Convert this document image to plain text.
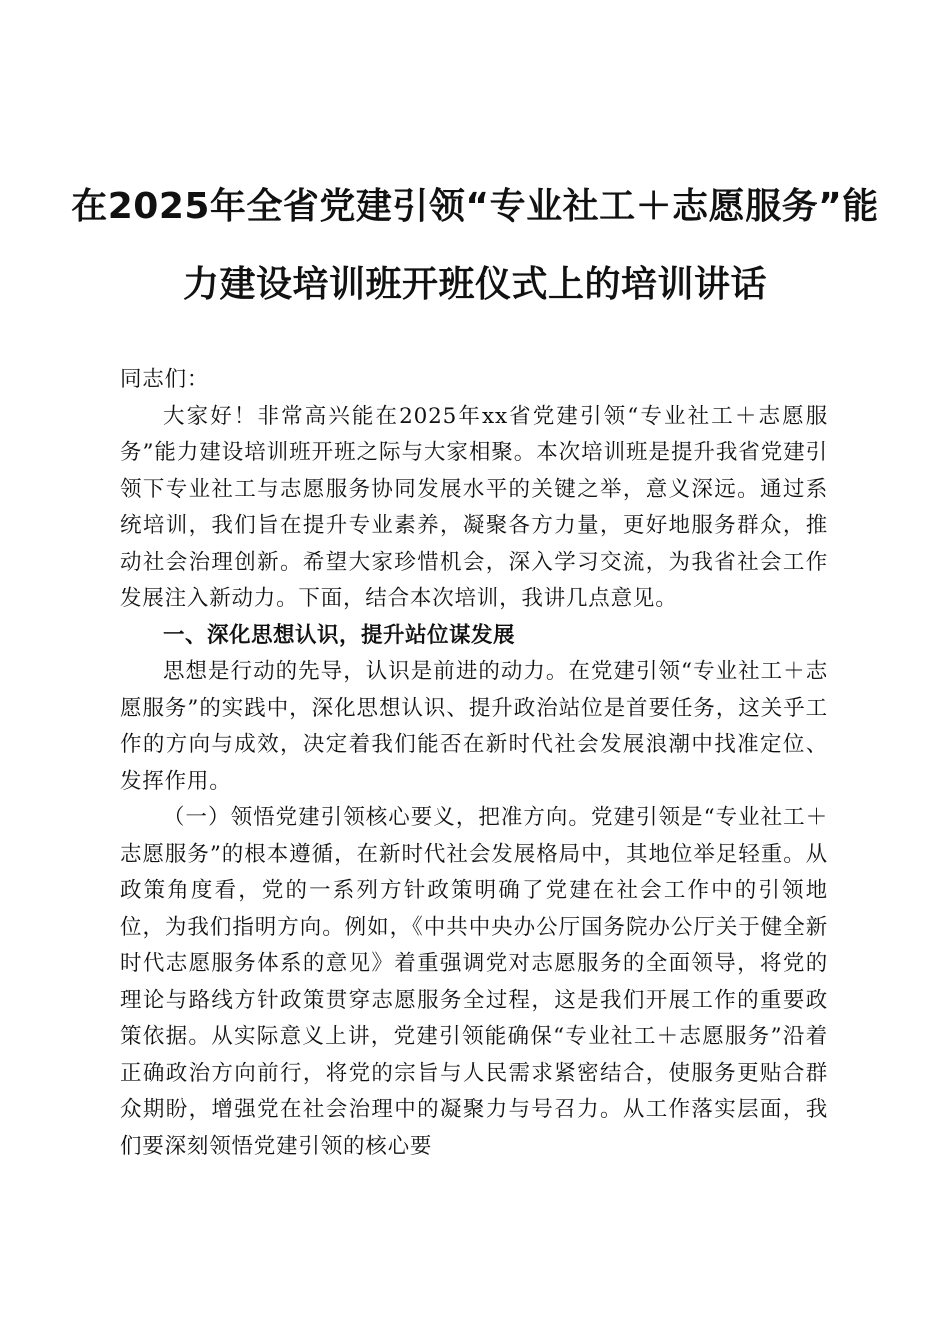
在2025年全省党建引领“专业社工＋志愿服务”能力建设培训班开班仪式上的培训讲话

同志们：

大家好！非常高兴能在2025年xx省党建引领“专业社工＋志愿服务”能力建设培训班开班之际与大家相聚。本次培训班是提升我省党建引领下专业社工与志愿服务协同发展水平的关键之举，意义深远。通过系统培训，我们旨在提升专业素养，凝聚各方力量，更好地服务群众，推动社会治理创新。希望大家珍惜机会，深入学习交流，为我省社会工作发展注入新动力。下面，结合本次培训，我讲几点意见。

一、深化思想认识，提升站位谋发展

思想是行动的先导，认识是前进的动力。在党建引领“专业社工＋志愿服务”的实践中，深化思想认识、提升政治站位是首要任务，这关乎工作的方向与成效，决定着我们能否在新时代社会发展浪潮中找准定位、发挥作用。

（一）领悟党建引领核心要义，把准方向。党建引领是“专业社工＋志愿服务”的根本遵循，在新时代社会发展格局中，其地位举足轻重。从政策角度看，党的一系列方针政策明确了党建在社会工作中的引领地位，为我们指明方向。例如，《中共中央办公厅国务院办公厅关于健全新时代志愿服务体系的意见》着重强调党对志愿服务的全面领导，将党的理论与路线方针政策贯穿志愿服务全过程，这是我们开展工作的重要政策依据。从实际意义上讲，党建引领能确保“专业社工＋志愿服务”沿着正确政治方向前行，将党的宗旨与人民需求紧密结合，使服务更贴合群众期盼，增强党在社会治理中的凝聚力与号召力。从工作落实层面，我们要深刻领悟党建引领的核心要
